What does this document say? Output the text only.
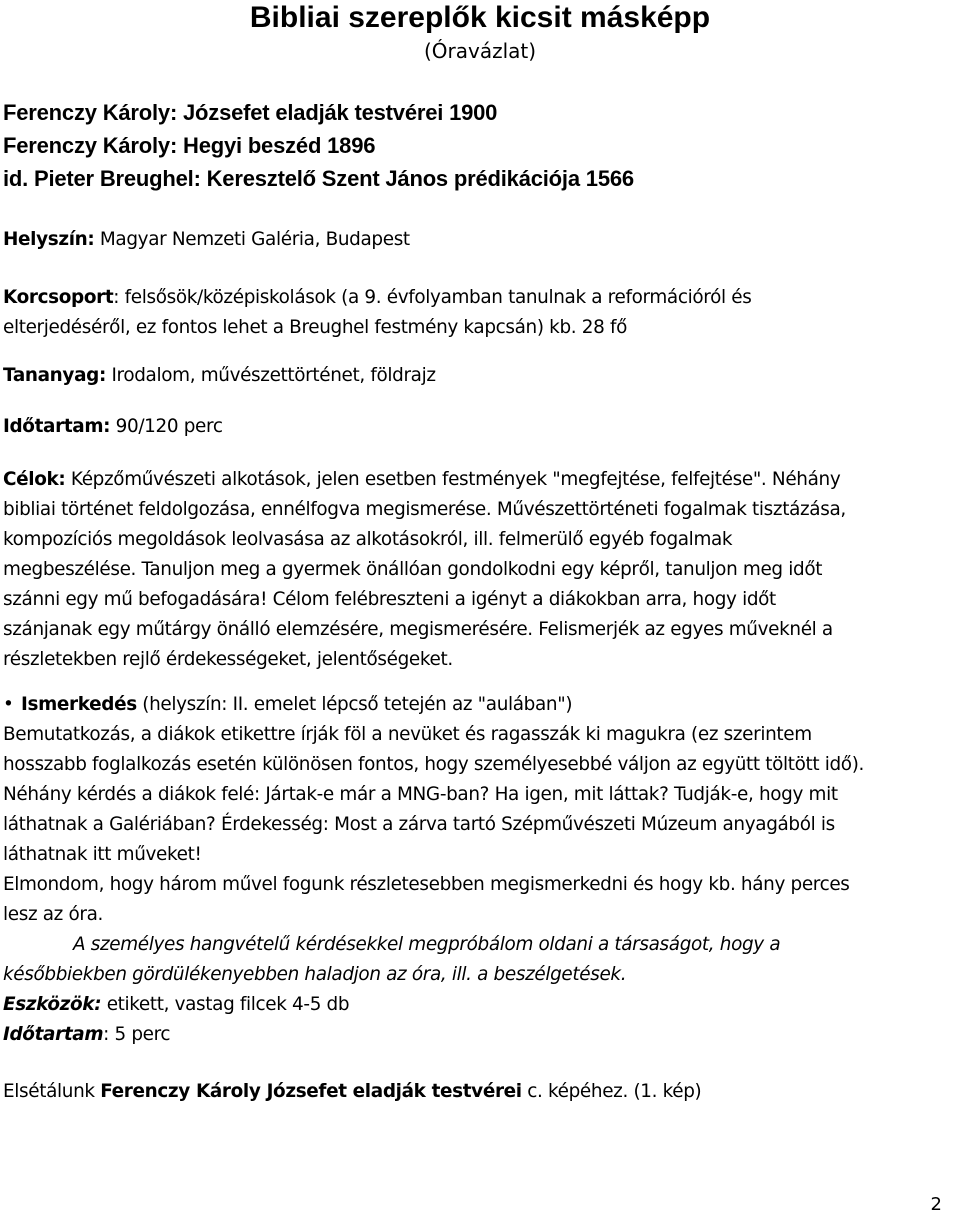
Bibliai szereplők kicsit másképp
(Óravázlat)
Ferenczy Károly: Józsefet eladják testvérei 1900
Ferenczy Károly: Hegyi beszéd 1896
id. Pieter Breughel: Keresztelő Szent János prédikációja 1566
Helyszín: Magyar Nemzeti Galéria, Budapest
Korcsoport: felsősök/középiskolások (a 9. évfolyamban tanulnak a reformációról és
elterjedéséről, ez fontos lehet a Breughel festmény kapcsán) kb. 28 fő
Tananyag: Irodalom, művészettörténet, földrajz
Időtartam: 90/120 perc
Célok: Képzőművészeti alkotások, jelen esetben festmények "megfejtése, felfejtése". Néhány
bibliai történet feldolgozása, ennélfogva megismerése. Művészettörténeti fogalmak tisztázása,
kompozíciós megoldások leolvasása az alkotásokról, ill. felmerülő egyéb fogalmak
megbeszélése. Tanuljon meg a gyermek önállóan gondolkodni egy képről, tanuljon meg időt
szánni egy mű befogadására! Célom felébreszteni a igényt a diákokban arra, hogy időt
szánjanak egy műtárgy önálló elemzésére, megismerésére. Felismerjék az egyes műveknél a
részletekben rejlő érdekességeket, jelentőségeket.
• Ismerkedés (helyszín: II. emelet lépcső tetején az "aulában")
Bemutatkozás, a diákok etikettre írják föl a nevüket és ragasszák ki magukra (ez szerintem
hosszabb foglalkozás esetén különösen fontos, hogy személyesebbé váljon az együtt töltött idő).
Néhány kérdés a diákok felé: Jártak-e már a MNG-ban? Ha igen, mit láttak? Tudják-e, hogy mit
láthatnak a Galériában? Érdekesség: Most a zárva tartó Szépművészeti Múzeum anyagából is
láthatnak itt műveket!
Elmondom, hogy három művel fogunk részletesebben megismerkedni és hogy kb. hány perces
lesz az óra.
A személyes hangvételű kérdésekkel megpróbálom oldani a társaságot, hogy a
későbbiekben gördülékenyebben haladjon az óra, ill. a beszélgetések.
Eszközök: etikett, vastag filcek 4-5 db
Időtartam: 5 perc
Elsétálunk Ferenczy Károly Józsefet eladják testvérei c. képéhez. (1. kép)
2
